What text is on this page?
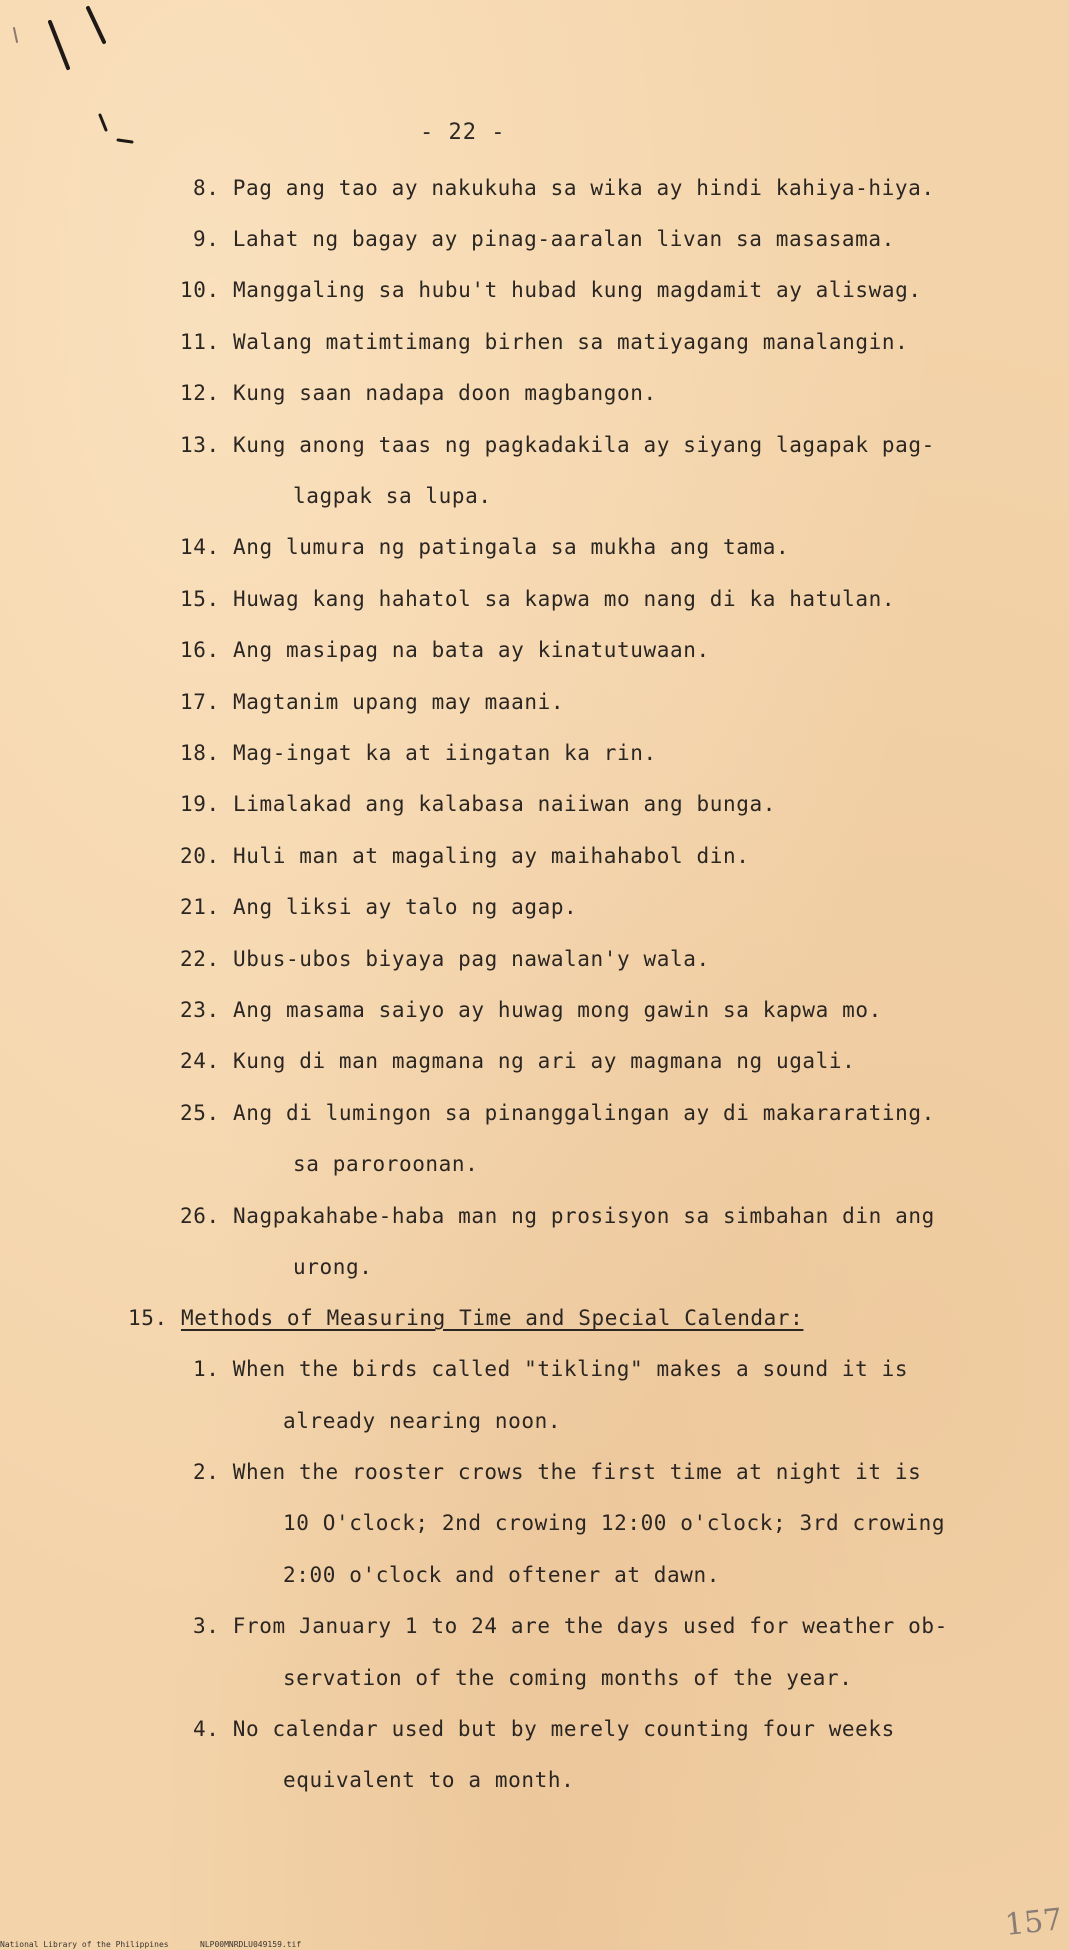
- 22 -
8. Pag ang tao ay nakukuha sa wika ay hindi kahiya-hiya.
9. Lahat ng bagay ay pinag-aaralan livan sa masasama.
10. Manggaling sa hubu't hubad kung magdamit ay aliswag.
11. Walang matimtimang birhen sa matiyagang manalangin.
12. Kung saan nadapa doon magbangon.
13. Kung anong taas ng pagkadakila ay siyang lagapak pag-
lagpak sa lupa.
14. Ang lumura ng patingala sa mukha ang tama.
15. Huwag kang hahatol sa kapwa mo nang di ka hatulan.
16. Ang masipag na bata ay kinatutuwaan.
17. Magtanim upang may maani.
18. Mag-ingat ka at iingatan ka rin.
19. Limalakad ang kalabasa naiiwan ang bunga.
20. Huli man at magaling ay maihahabol din.
21. Ang liksi ay talo ng agap.
22. Ubus-ubos biyaya pag nawalan'y wala.
23. Ang masama saiyo ay huwag mong gawin sa kapwa mo.
24. Kung di man magmana ng ari ay magmana ng ugali.
25. Ang di lumingon sa pinanggalingan ay di makararating.
sa paroroonan.
26. Nagpakahabe-haba man ng prosisyon sa simbahan din ang
urong.
15. Methods of Measuring Time and Special Calendar:
1. When the birds called "tikling" makes a sound it is
already nearing noon.
2. When the rooster crows the first time at night it is
10 O'clock; 2nd crowing 12:00 o'clock; 3rd crowing
2:00 o'clock and oftener at dawn.
3. From January 1 to 24 are the days used for weather ob-
servation of the coming months of the year.
4. No calendar used but by merely counting four weeks
equivalent to a month.
National Library of the Philippines	NLP00MNRDLU049159.tif
157
